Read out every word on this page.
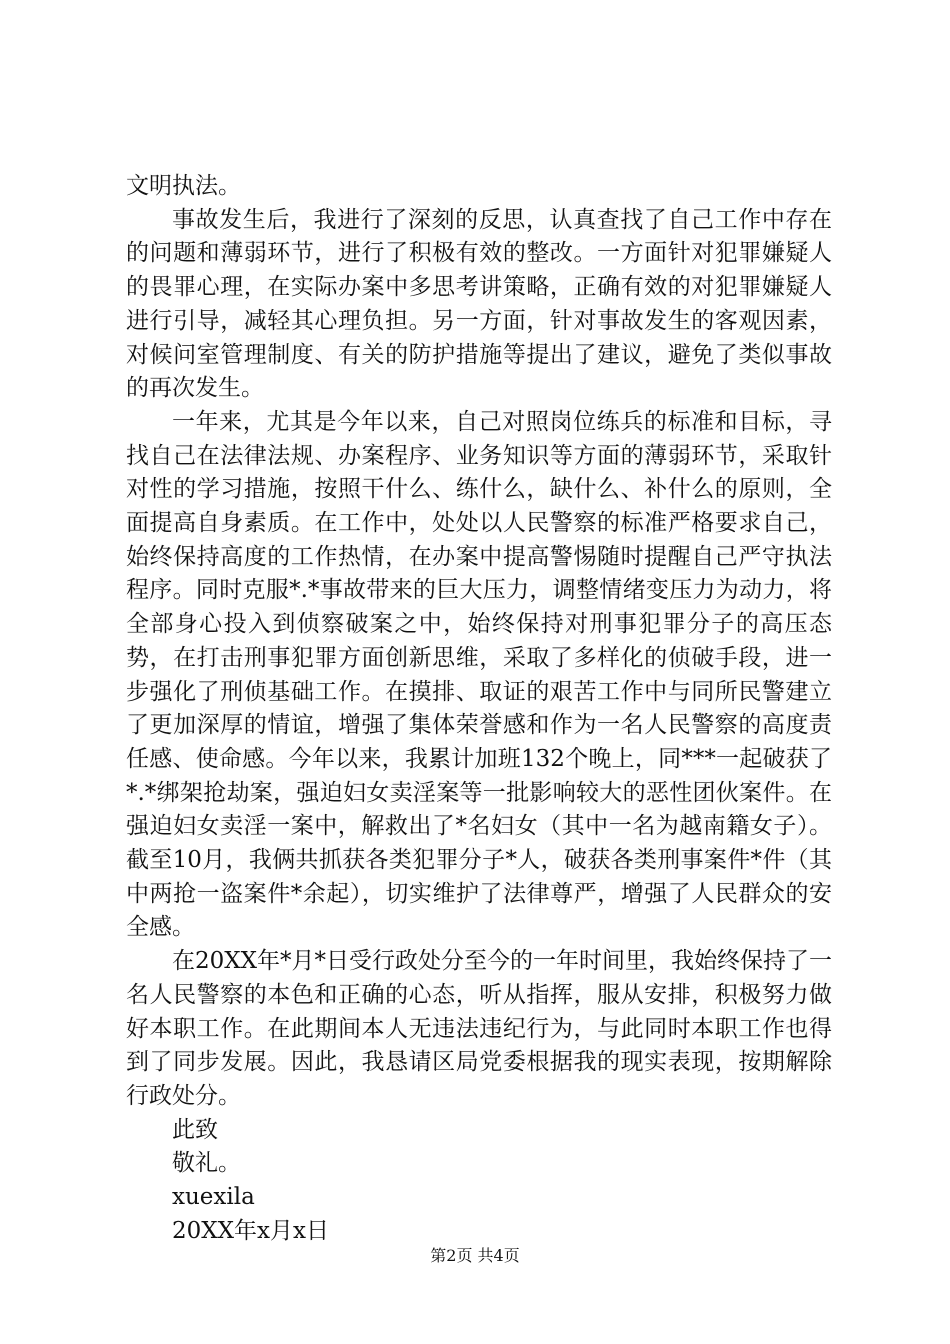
文明执法。

事故发生后，我进行了深刻的反思，认真查找了自己工作中存在的问题和薄弱环节，进行了积极有效的整改。一方面针对犯罪嫌疑人的畏罪心理，在实际办案中多思考讲策略，正确有效的对犯罪嫌疑人进行引导，减轻其心理负担。另一方面，针对事故发生的客观因素，对候问室管理制度、有关的防护措施等提出了建议，避免了类似事故的再次发生。

一年来，尤其是今年以来，自己对照岗位练兵的标准和目标，寻找自己在法律法规、办案程序、业务知识等方面的薄弱环节，采取针对性的学习措施，按照干什么、练什么，缺什么、补什么的原则，全面提高自身素质。在工作中，处处以人民警察的标准严格要求自己，始终保持高度的工作热情，在办案中提高警惕随时提醒自己严守执法程序。同时克服*.*事故带来的巨大压力，调整情绪变压力为动力，将全部身心投入到侦察破案之中，始终保持对刑事犯罪分子的高压态势，在打击刑事犯罪方面创新思维，采取了多样化的侦破手段，进一步强化了刑侦基础工作。在摸排、取证的艰苦工作中与同所民警建立了更加深厚的情谊，增强了集体荣誉感和作为一名人民警察的高度责任感、使命感。今年以来，我累计加班132个晚上，同***一起破获了*.*绑架抢劫案，强迫妇女卖淫案等一批影响较大的恶性团伙案件。在强迫妇女卖淫一案中，解救出了*名妇女（其中一名为越南籍女子）。截至10月，我俩共抓获各类犯罪分子*人，破获各类刑事案件*件（其中两抢一盗案件*余起），切实维护了法律尊严，增强了人民群众的安全感。

在20XX年*月*日受行政处分至今的一年时间里，我始终保持了一名人民警察的本色和正确的心态，听从指挥，服从安排，积极努力做好本职工作。在此期间本人无违法违纪行为，与此同时本职工作也得到了同步发展。因此，我恳请区局党委根据我的现实表现，按期解除行政处分。

此致

敬礼。

xuexila

20XX年x月x日

第2页 共4页
